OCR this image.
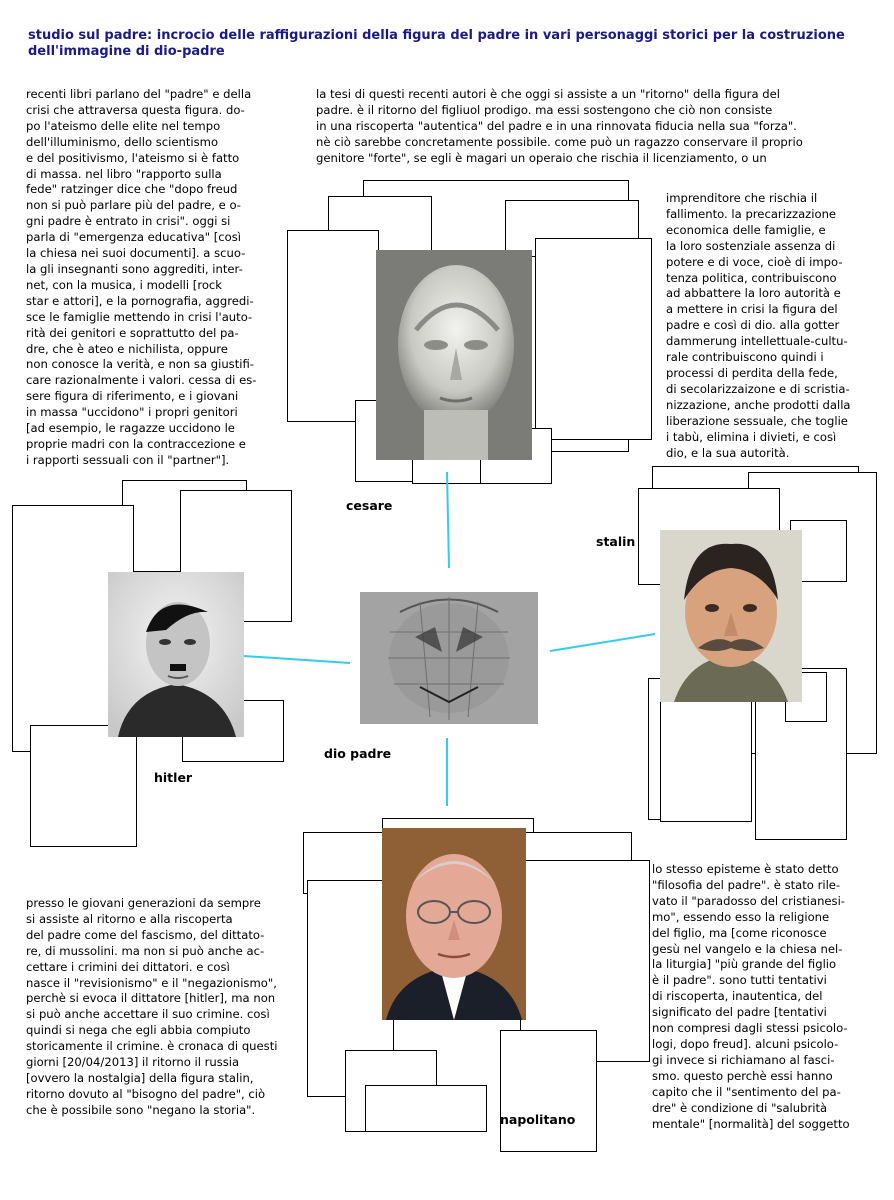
studio sul padre: incrocio delle raffigurazioni della figura del padre in vari personaggi storici per la costruzione dell'immagine di dio-padre
cesare
stalin
hitler
dio padre
napolitano
recenti libri parlano del "padre" e della
crisi che attraversa questa figura. do-
po l'ateismo delle elite nel tempo
dell'illuminismo, dello scientismo
e del positivismo, l'ateismo si è fatto
di massa. nel libro "rapporto sulla
fede" ratzinger dice che "dopo freud
non si può parlare più del padre, e o-
gni padre è entrato in crisi". oggi si
parla di "emergenza educativa" [così
la chiesa nei suoi documenti]. a scuo-
la gli insegnanti sono aggrediti, inter-
net, con la musica, i modelli [rock
star e attori], e la pornografia, aggredi-
sce le famiglie mettendo in crisi l'auto-
rità dei genitori e soprattutto del pa-
dre, che è ateo e nichilista, oppure
non conosce la verità, e non sa giustifi-
care razionalmente i valori. cessa di es-
sere figura di riferimento, e i giovani
in massa "uccidono" i propri genitori
[ad esempio, le ragazze uccidono le
proprie madri con la contraccezione e
i rapporti sessuali con il "partner"].
la tesi di questi recenti autori è che oggi si assiste a un "ritorno" della figura del
padre. è il ritorno del figliuol prodigo. ma essi sostengono che ciò non consiste
in una riscoperta "autentica" del padre e in una rinnovata fiducia nella sua "forza".
nè ciò sarebbe concretamente possibile. come può un ragazzo conservare il proprio
genitore "forte", se egli è magari un operaio che rischia il licenziamento, o un
imprenditore che rischia il
fallimento. la precarizzazione
economica delle famiglie, e
la loro sostenziale assenza di
potere e di voce, cioè di impo-
tenza politica, contribuiscono
ad abbattere la loro autorità e
a mettere in crisi la figura del
padre e così di dio. alla gotter
dammerung intellettuale-cultu-
rale contribuiscono quindi i
processi di perdita della fede,
di secolarizzaizone e di scristia-
nizzazione, anche prodotti dalla
liberazione sessuale, che toglie
i tabù, elimina i divieti, e così
dio, e la sua autorità.
presso le giovani generazioni da sempre
si assiste al ritorno e alla riscoperta
del padre come del fascismo, del dittato-
re, di mussolini. ma non si può anche ac-
cettare i crimini dei dittatori. e così
nasce il "revisionismo" e il "negazionismo",
perchè si evoca il dittatore [hitler], ma non
si può anche accettare il suo crimine. così
quindi si nega che egli abbia compiuto
storicamente il crimine. è cronaca di questi
giorni [20/04/2013] il ritorno il russia
[ovvero la nostalgia] della figura stalin,
ritorno dovuto al "bisogno del padre", ciò
che è possibile sono "negano la storia".
lo stesso episteme è stato detto
"filosofia del padre". è stato rile-
vato il "paradosso del cristianesi-
mo", essendo esso la religione
del figlio, ma [come riconosce
gesù nel vangelo e la chiesa nel-
la liturgia] "più grande del figlio
è il padre". sono tutti tentativi
di riscoperta, inautentica, del
significato del padre [tentativi
non compresi dagli stessi psicolo-
logi, dopo freud]. alcuni psicolo-
gi invece si richiamano al fasci-
smo. questo perchè essi hanno
capito che il "sentimento del pa-
dre" è condizione di "salubrità
mentale" [normalità] del soggetto
